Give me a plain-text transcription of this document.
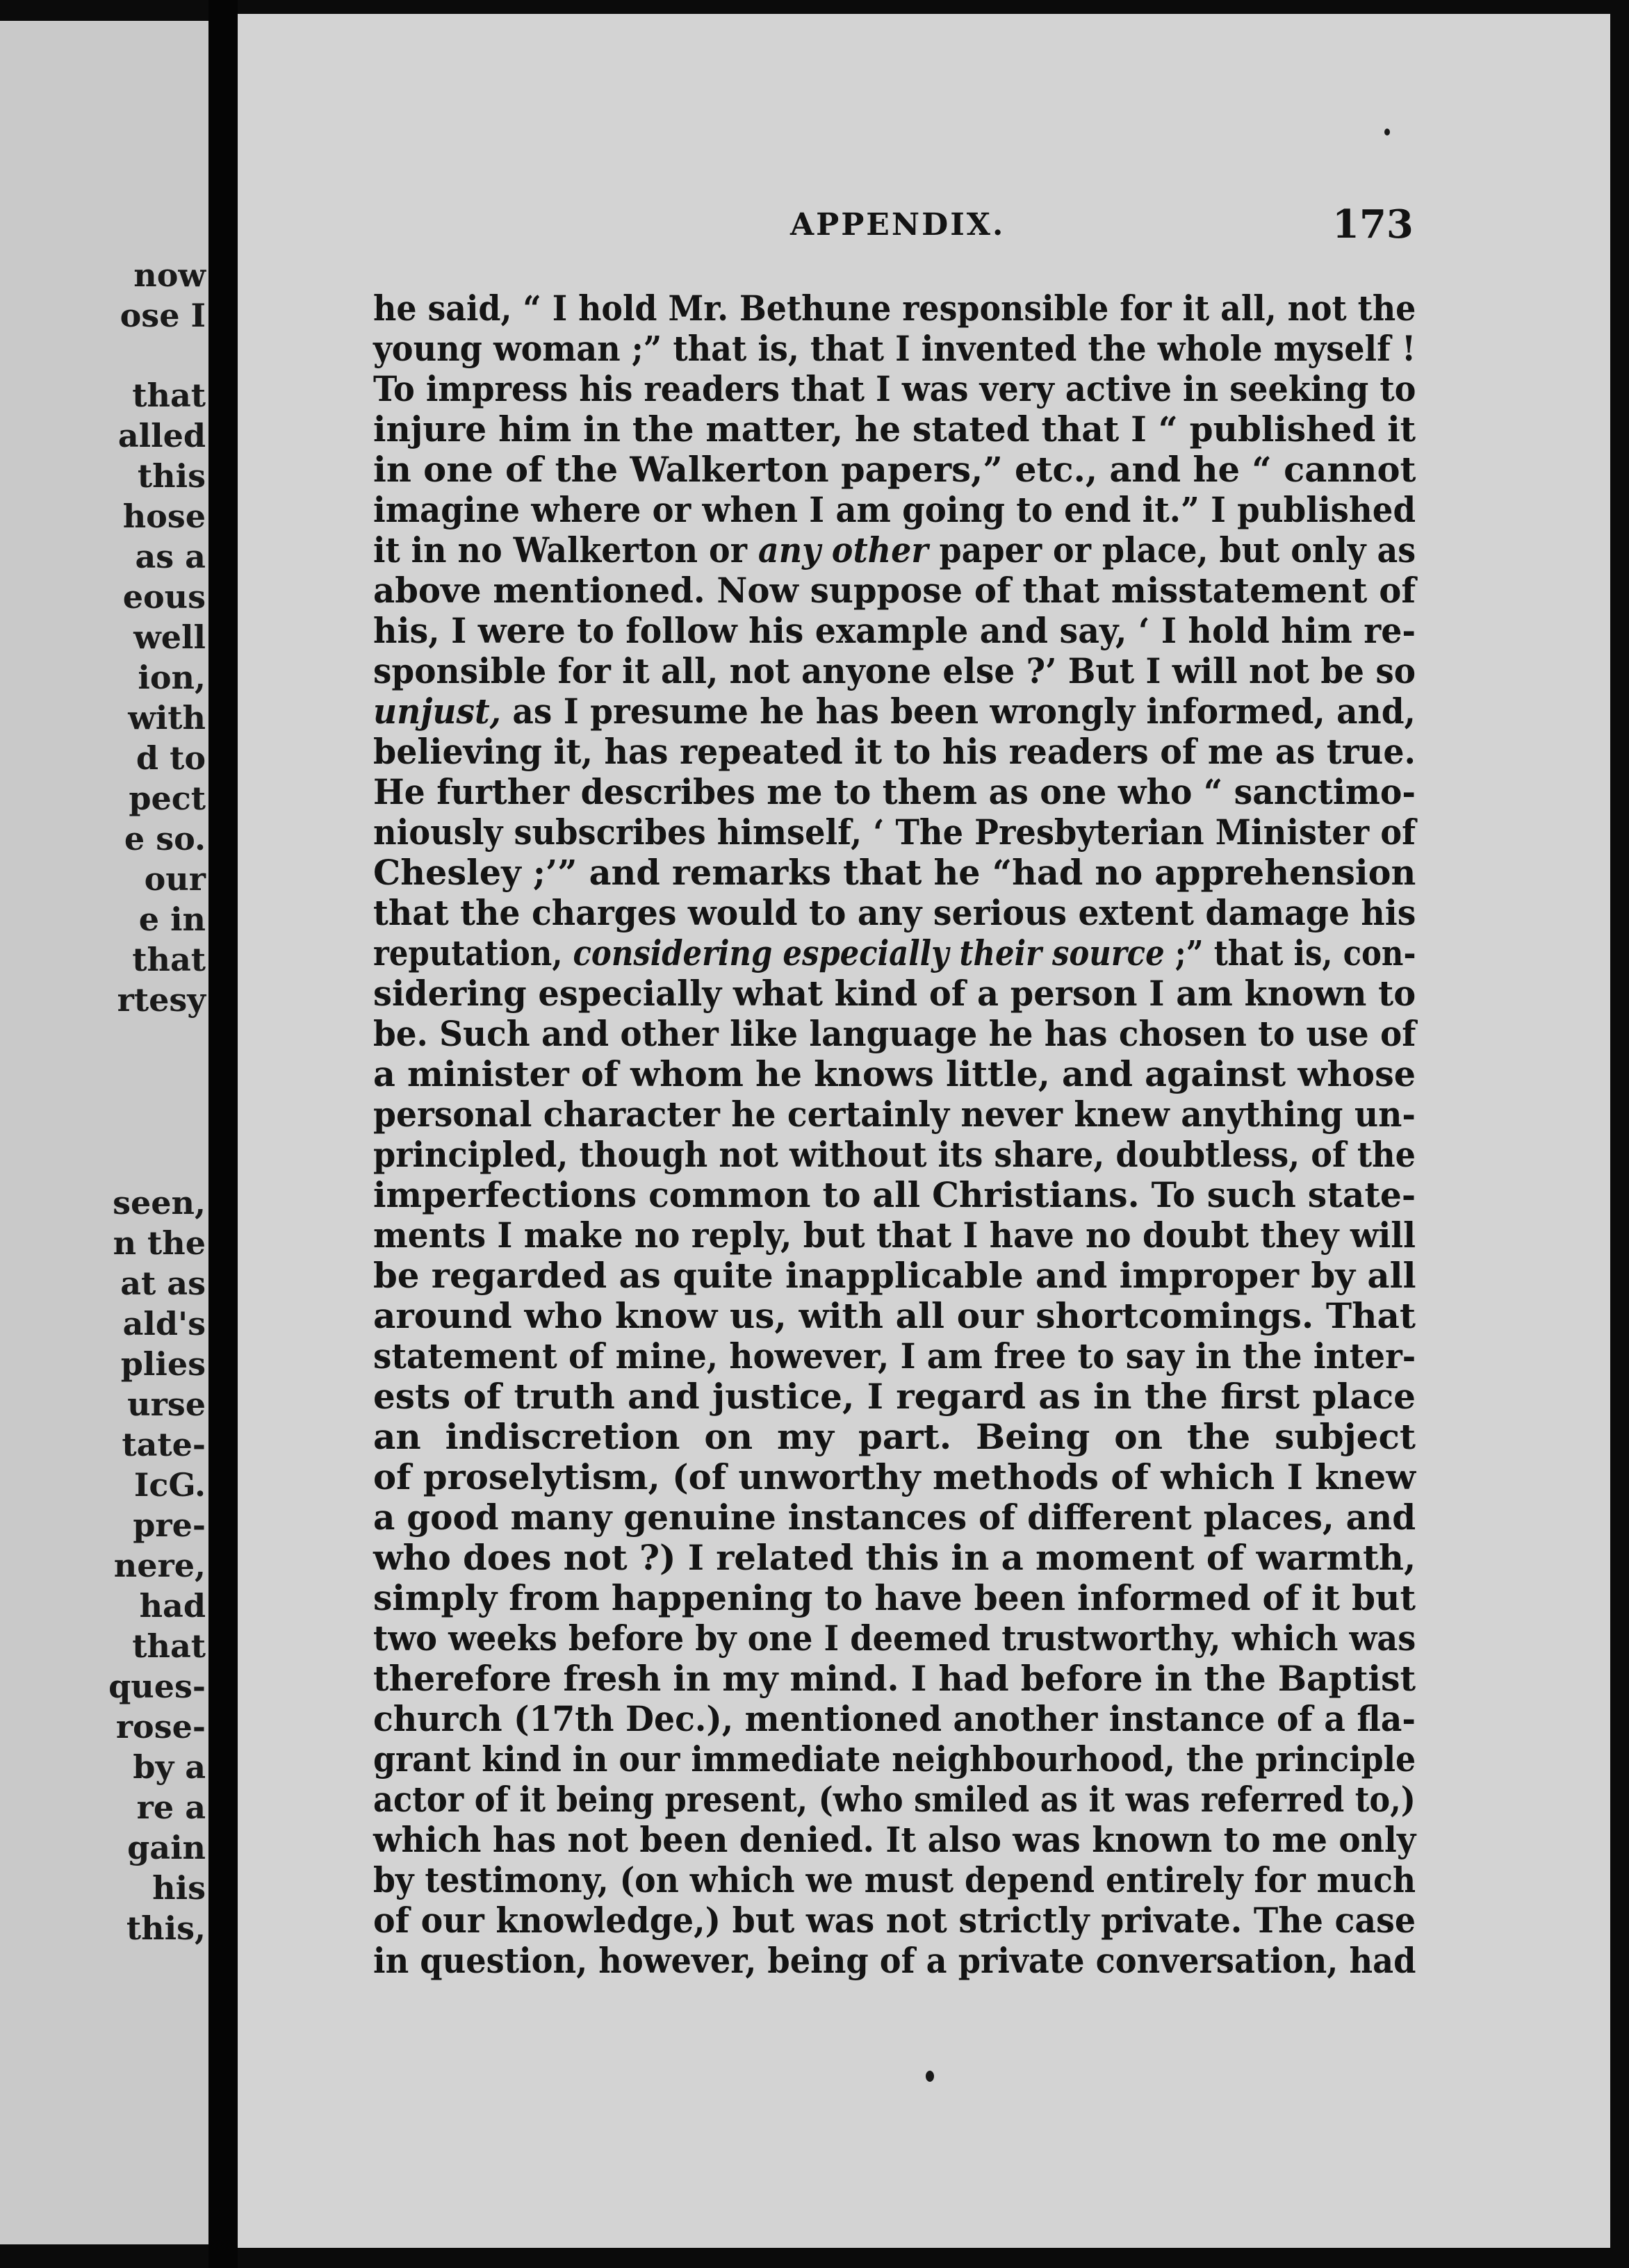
now
ose I
that
alled
this
hose
as a
eous
well
ion,
with
d to
pect
e so.
our
e in
that
rtesy
seen,
n the
at as
ald's
plies
urse
tate-
IcG.
pre-
nere,
had
that
ques-
rose-
by a
re a
gain
his
this,
APPENDIX.	173
he said, “ I hold Mr. Bethune responsible for it all, not the
young woman ;” that is, that I invented the whole myself !
To impress his readers that I was very active in seeking to
injure him in the matter, he stated that I “ published it
in one of the Walkerton papers,” etc., and he “ cannot
imagine where or when I am going to end it.” I published
it in no Walkerton or any other paper or place, but only as
above mentioned. Now suppose of that misstatement of
his, I were to follow his example and say, ‘ I hold him re-
sponsible for it all, not anyone else ?’ But I will not be so
unjust, as I presume he has been wrongly informed, and,
believing it, has repeated it to his readers of me as true.
He further describes me to them as one who “ sanctimo-
niously subscribes himself, ‘ The Presbyterian Minister of
Chesley ;’” and remarks that he “had no apprehension
that the charges would to any serious extent damage his
reputation, considering especially their source ;” that is, con-
sidering especially what kind of a person I am known to
be. Such and other like language he has chosen to use of
a minister of whom he knows little, and against whose
personal character he certainly never knew anything un-
principled, though not without its share, doubtless, of the
imperfections common to all Christians. To such state-
ments I make no reply, but that I have no doubt they will
be regarded as quite inapplicable and improper by all
around who know us, with all our shortcomings. That
statement of mine, however, I am free to say in the inter-
ests of truth and justice, I regard as in the first place
an indiscretion on my part. Being on the subject
of proselytism, (of unworthy methods of which I knew
a good many genuine instances of different places, and
who does not ?) I related this in a moment of warmth,
simply from happening to have been informed of it but
two weeks before by one I deemed trustworthy, which was
therefore fresh in my mind. I had before in the Baptist
church (17th Dec.), mentioned another instance of a fla-
grant kind in our immediate neighbourhood, the principle
actor of it being present, (who smiled as it was referred to,)
which has not been denied. It also was known to me only
by testimony, (on which we must depend entirely for much
of our knowledge,) but was not strictly private. The case
in question, however, being of a private conversation, had
